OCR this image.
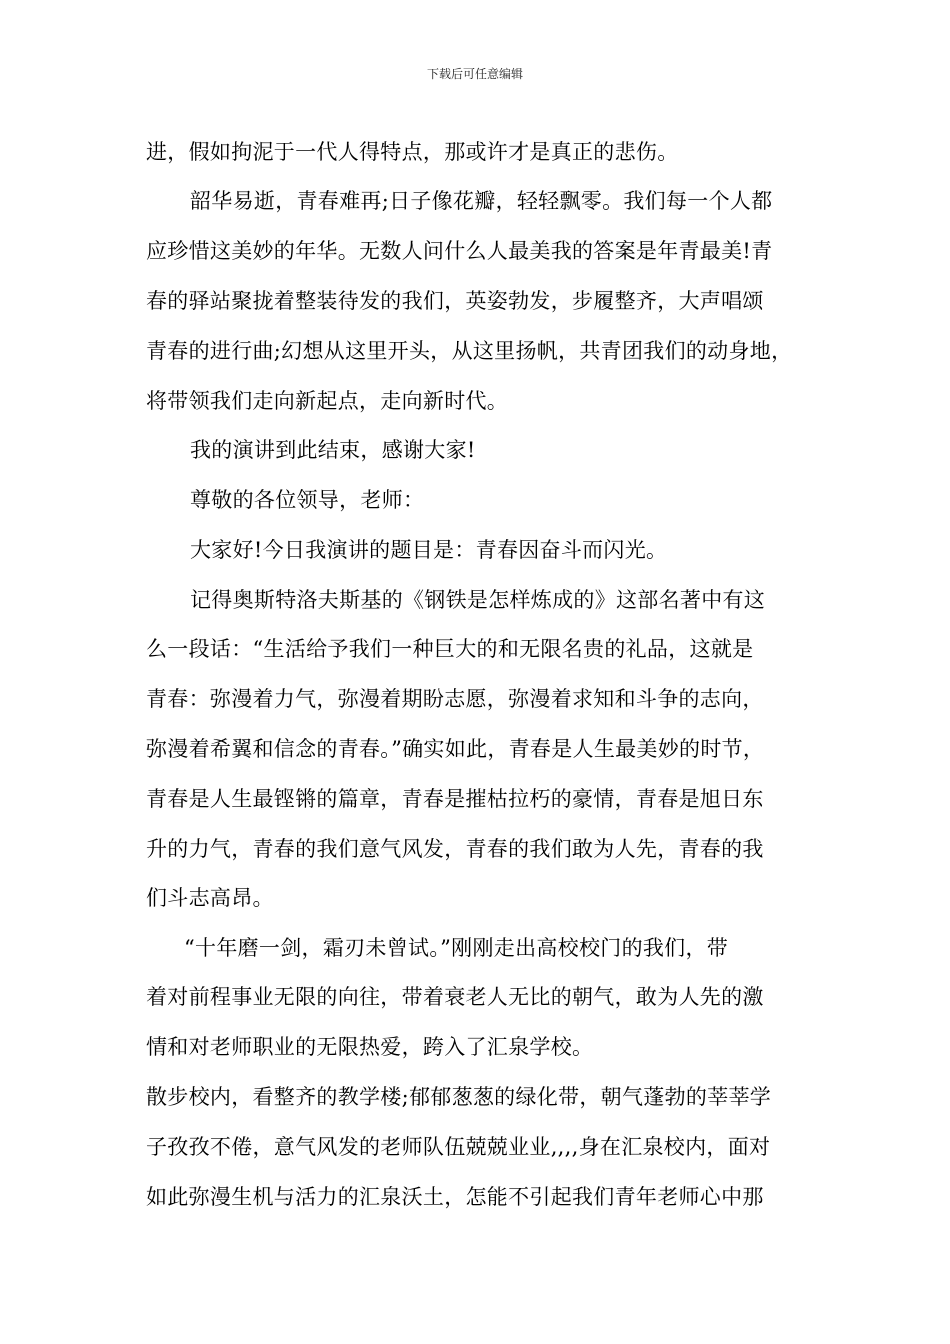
下载后可任意编辑
进，假如拘泥于一代人得特点，那或许才是真正的悲伤。
韶华易逝，青春难再;日子像花瓣，轻轻飘零。我们每一个人都
应珍惜这美妙的年华。无数人问什么人最美我的答案是年青最美!青
春的驿站聚拢着整装待发的我们，英姿勃发，步履整齐，大声唱颂
青春的进行曲;幻想从这里开头，从这里扬帆，共青团我们的动身地，
将带领我们走向新起点，走向新时代。
我的演讲到此结束，感谢大家!
尊敬的各位领导，老师：
大家好!今日我演讲的题目是：青春因奋斗而闪光。
记得奥斯特洛夫斯基的《钢铁是怎样炼成的》这部名著中有这
么一段话：“生活给予我们一种巨大的和无限名贵的礼品，这就是
青春：弥漫着力气，弥漫着期盼志愿，弥漫着求知和斗争的志向，
弥漫着希翼和信念的青春。”确实如此，青春是人生最美妙的时节，
青春是人生最铿锵的篇章，青春是摧枯拉朽的豪情，青春是旭日东
升的力气，青春的我们意气风发，青春的我们敢为人先，青春的我
们斗志高昂。
“十年磨一剑，霜刃未曾试。”刚刚走出高校校门的我们，带
着对前程事业无限的向往，带着衰老人无比的朝气，敢为人先的激
情和对老师职业的无限热爱，跨入了汇泉学校。
散步校内，看整齐的教学楼;郁郁葱葱的绿化带，朝气蓬勃的莘莘学
子孜孜不倦，意气风发的老师队伍兢兢业业,,,,身在汇泉校内，面对
如此弥漫生机与活力的汇泉沃土，怎能不引起我们青年老师心中那
